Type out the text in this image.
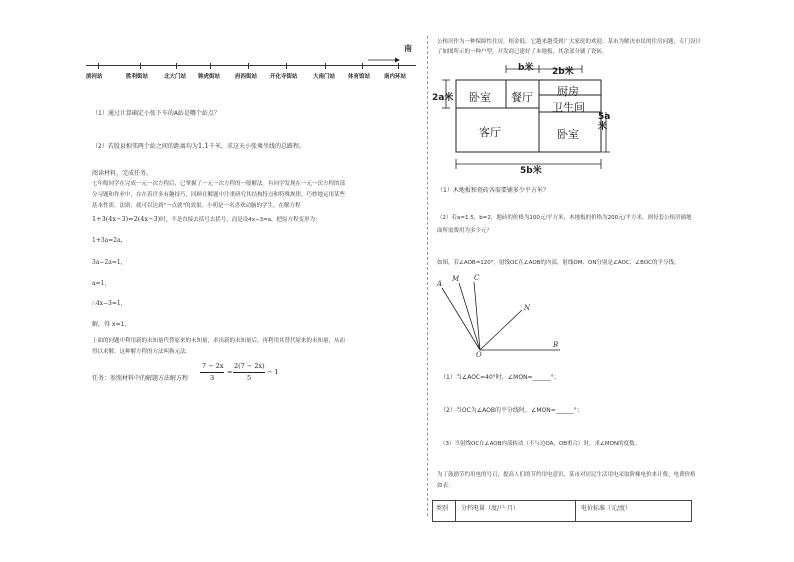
南
滨河站	胜利街站	北大门站 韩虎街站	府西街站 开化寺街站	大南门站 体育馆站	南内环站
（1）通过计算确定小张下车的A站是哪个站点？
（2）若股县相邻两个站之间的距离均为1.1千米，求这天小张乘坐线的总路程。
阅读材料，完成任务。
七年级同学在完成一元一次方程后，已掌握了一元一次方程的一般解法。有同学发现在一元一次方程的部
分习题和作业中，存在着许多有趣技巧，回顾在解题中注重研究其结构特点和特殊规律，巧妙地运用某些
基本性质、法则、就可以达到"一点就"的效果。小明是一名喜欢动脑的学生，在解方程
1+3(4x−3)=2(4x−3)时，不是直接去括号去括号，而是设4x−3=a，把原方程变形为：
1+3a=2a，
3a−2a=1，
a=1，
∴4x−3=1，
解，得 x=1，
上面的问题中利用新的未知量代替原来的未知量，求出新的未知量后，再利用其替代原来的未知量，从而
得以求解。这种解方程的方法叫换元法。
任务：参照材料中的解题方法解方程
7 − 2x
3
=
2(7 − 2x)
5
− 1
公租房作为一种保障性住房，租金低，它越来越受到广大家庭的欢迎。某市为解决市民的住房问题，专门设计
了如图所示的一种户型，开发商已建好了本地板，其余部分铺了瓷砖。
卧室 餐厅 厨房
卫生间
客厅	卧室
b米 2b米
2a米
5a米
5b米
（1）木地板和瓷砖各需要铺多少平方米？
（2）若a=1.5，b=2，地砖的价格为100元/平方米，木地板的价格为200元/平方米，则每套公租房铺地
面所需费用为多少元？
如图，若∠AOB=120°，射线OC在∠AOB的内部，射线OM、ON分别是∠AOC、∠BOC的平分线。
A
M C
N
O
B
（1）当∠AOC=40°时，∠MON=______°；
（2）当OC为∠AOB的平分线时，∠MON=______°；
（3）当射线OC在∠AOB内部转动（不与边OA、OB重合）时，求∠MON的度数。
为了鼓励节约用电的号召，提高人们的节约用电意识，某市对居民生活用电采取阶梯电价来计费，电费价格
如表：
类别 分档电量（度/户·月）	电价标准（元/度）
